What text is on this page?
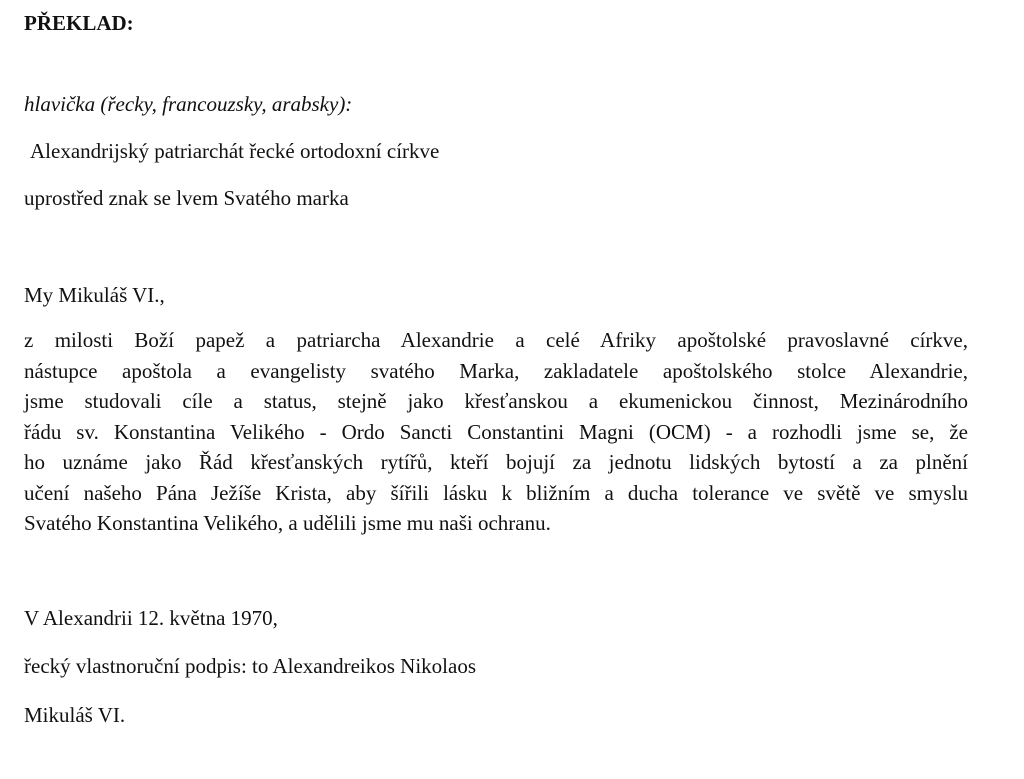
PŘEKLAD:
hlavička (řecky, francouzsky, arabsky):
Alexandrijský patriarchát řecké ortodoxní církve
uprostřed znak se lvem Svatého marka
My Mikuláš VI.,
z milosti Boží papež a patriarcha Alexandrie a celé Afriky apoštolské pravoslavné církve,
nástupce apoštola a evangelisty svatého Marka, zakladatele apoštolského stolce Alexandrie,
jsme studovali cíle a status, stejně jako křesťanskou a ekumenickou činnost, Mezinárodního
řádu sv. Konstantina Velikého - Ordo Sancti Constantini Magni (OCM) - a rozhodli jsme se, že
ho uznáme jako Řád křesťanských rytířů, kteří bojují za jednotu lidských bytostí a za plnění
učení našeho Pána Ježíše Krista, aby šířili lásku k bližním a ducha tolerance ve světě ve smyslu
Svatého Konstantina Velikého, a udělili jsme mu naši ochranu.
V Alexandrii 12. května 1970,
řecký vlastnoruční podpis: to Alexandreikos Nikolaos
Mikuláš VI.
